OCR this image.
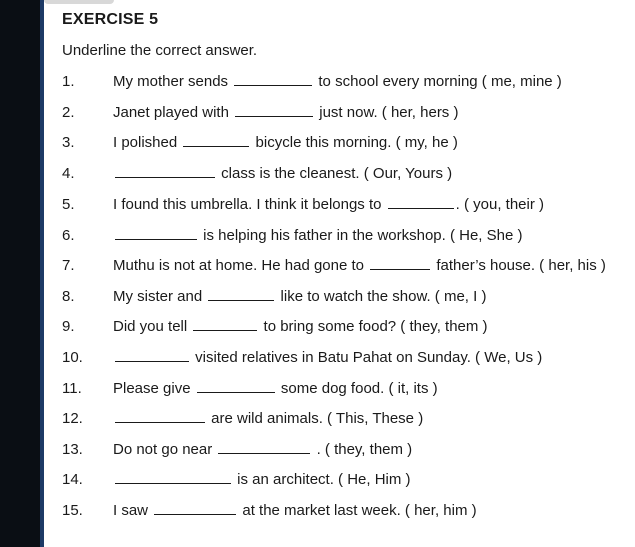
EXERCISE 5
Underline the correct answer.
1.	My mother sends	to school every morning ( me, mine )
2.	Janet played with	just now. ( her, hers )
3.	I polished	bicycle this morning. ( my, he )
4.	class is the cleanest. ( Our, Yours )
5.	I found this umbrella. I think it belongs to	. ( you, their )
6.	is helping his father in the workshop. ( He, She )
7.	Muthu is not at home. He had gone to	father’s house. ( her, his )
8.	My sister and	like to watch the show. ( me, I )
9.	Did you tell	to bring some food? ( they, them )
10.	visited relatives in Batu Pahat on Sunday. ( We, Us )
11. Please give	some dog food. ( it, its )
12.	are wild animals. ( This, These )
13. Do not go near	. ( they, them )
14.	is an architect. ( He, Him )
15. I saw	at the market last week. ( her, him )
